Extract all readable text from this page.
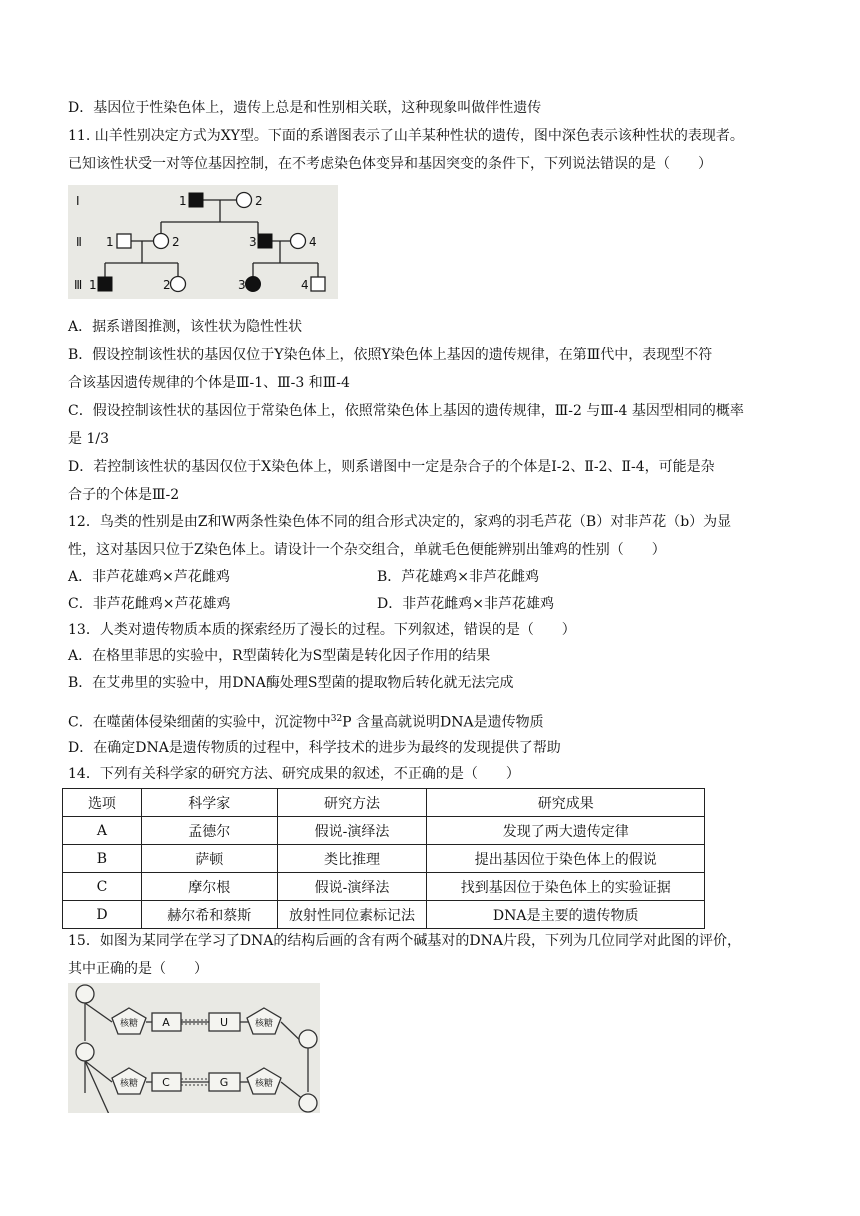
D．基因位于性染色体上，遗传上总是和性别相关联，这种现象叫做伴性遗传
11. 山羊性别决定方式为XY型。下面的系谱图表示了山羊某种性状的遗传，图中深色表示该种性状的表现者。
已知该性状受一对等位基因控制，在不考虑染色体变异和基因突变的条件下，下列说法错误的是（　　）
Ⅰ
Ⅱ
Ⅲ
1	2
1	2	3	4
1	2	3	4
A．据系谱图推测，该性状为隐性性状
B．假设控制该性状的基因仅位于Y染色体上，依照Y染色体上基因的遗传规律，在第Ⅲ代中，表现型不符
合该基因遗传规律的个体是Ⅲ-1、Ⅲ-3 和Ⅲ-4
C．假设控制该性状的基因位于常染色体上，依照常染色体上基因的遗传规律，Ⅲ-2 与Ⅲ-4 基因型相同的概率
是 1/3
D．若控制该性状的基因仅位于X染色体上，则系谱图中一定是杂合子的个体是Ⅰ-2、Ⅱ-2、Ⅱ-4，可能是杂
合子的个体是Ⅲ-2
12．鸟类的性别是由Z和W两条性染色体不同的组合形式决定的，家鸡的羽毛芦花（B）对非芦花（b）为显
性，这对基因只位于Z染色体上。请设计一个杂交组合，单就毛色便能辨别出雏鸡的性别（　　）
A．非芦花雄鸡×芦花雌鸡	B．芦花雄鸡×非芦花雌鸡
C．非芦花雌鸡×芦花雄鸡	D．非芦花雌鸡×非芦花雄鸡
13．人类对遗传物质本质的探索经历了漫长的过程。下列叙述，错误的是（　　）
A．在格里菲思的实验中，R型菌转化为S型菌是转化因子作用的结果
B．在艾弗里的实验中，用DNA酶处理S型菌的提取物后转化就无法完成
C．在噬菌体侵染细菌的实验中，沉淀物中$^{32}$P 含量高就说明DNA是遗传物质
D．在确定DNA是遗传物质的过程中，科学技术的进步为最终的发现提供了帮助
14．下列有关科学家的研究方法、研究成果的叙述，不正确的是（　　）
选项	科学家	研究方法	研究成果
A	孟德尔	假说-演绎法	发现了两大遗传定律
B	萨顿	类比推理	提出基因位于染色体上的假说
C	摩尔根	假说-演绎法	找到基因位于染色体上的实验证据
D	赫尔希和蔡斯	放射性同位素标记法	DNA是主要的遗传物质
15．如图为某同学在学习了DNA的结构后画的含有两个碱基对的DNA片段，下列为几位同学对此图的评价，
其中正确的是（　　）
核糖
核糖
核糖
核糖
A	U
C	G
